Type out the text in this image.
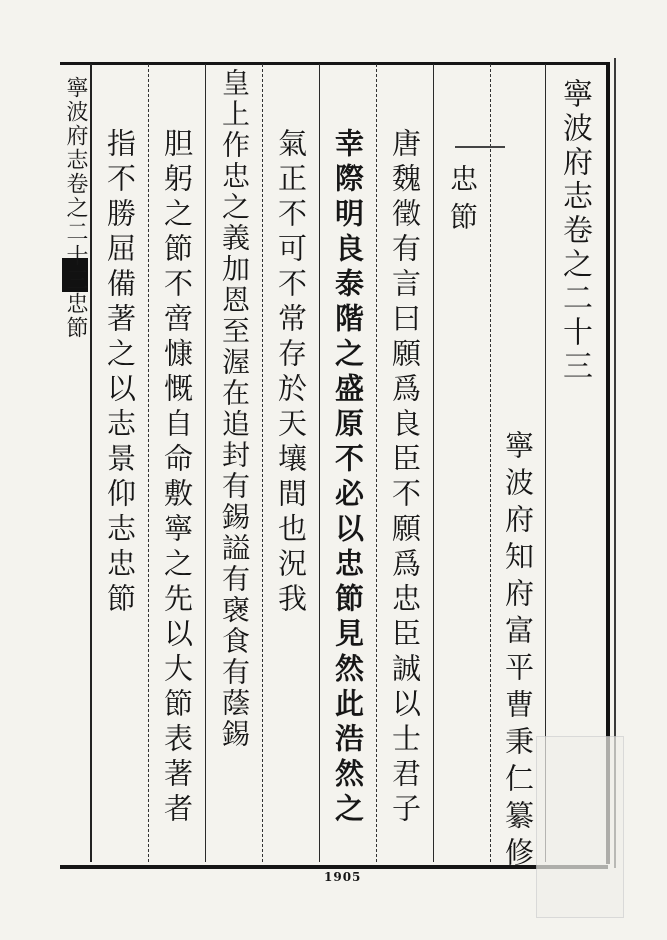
寧波府志卷之二十三
寧波府知府富平曹秉仁纂修
忠節
唐魏徵有言曰願爲良臣不願爲忠臣誠以士君子
幸際明良泰階之盛原不必以忠節見然此浩然之
氣正不可不常存於天壤間也況我
皇上作忠之義加恩至渥在追封有錫謚有襃食有蔭錫
胆躬之節不啻慷慨自命敷寧之先以大節表著者
指不勝屈備著之以志景仰志忠節
寧波府志卷之二十三忠節
1905
